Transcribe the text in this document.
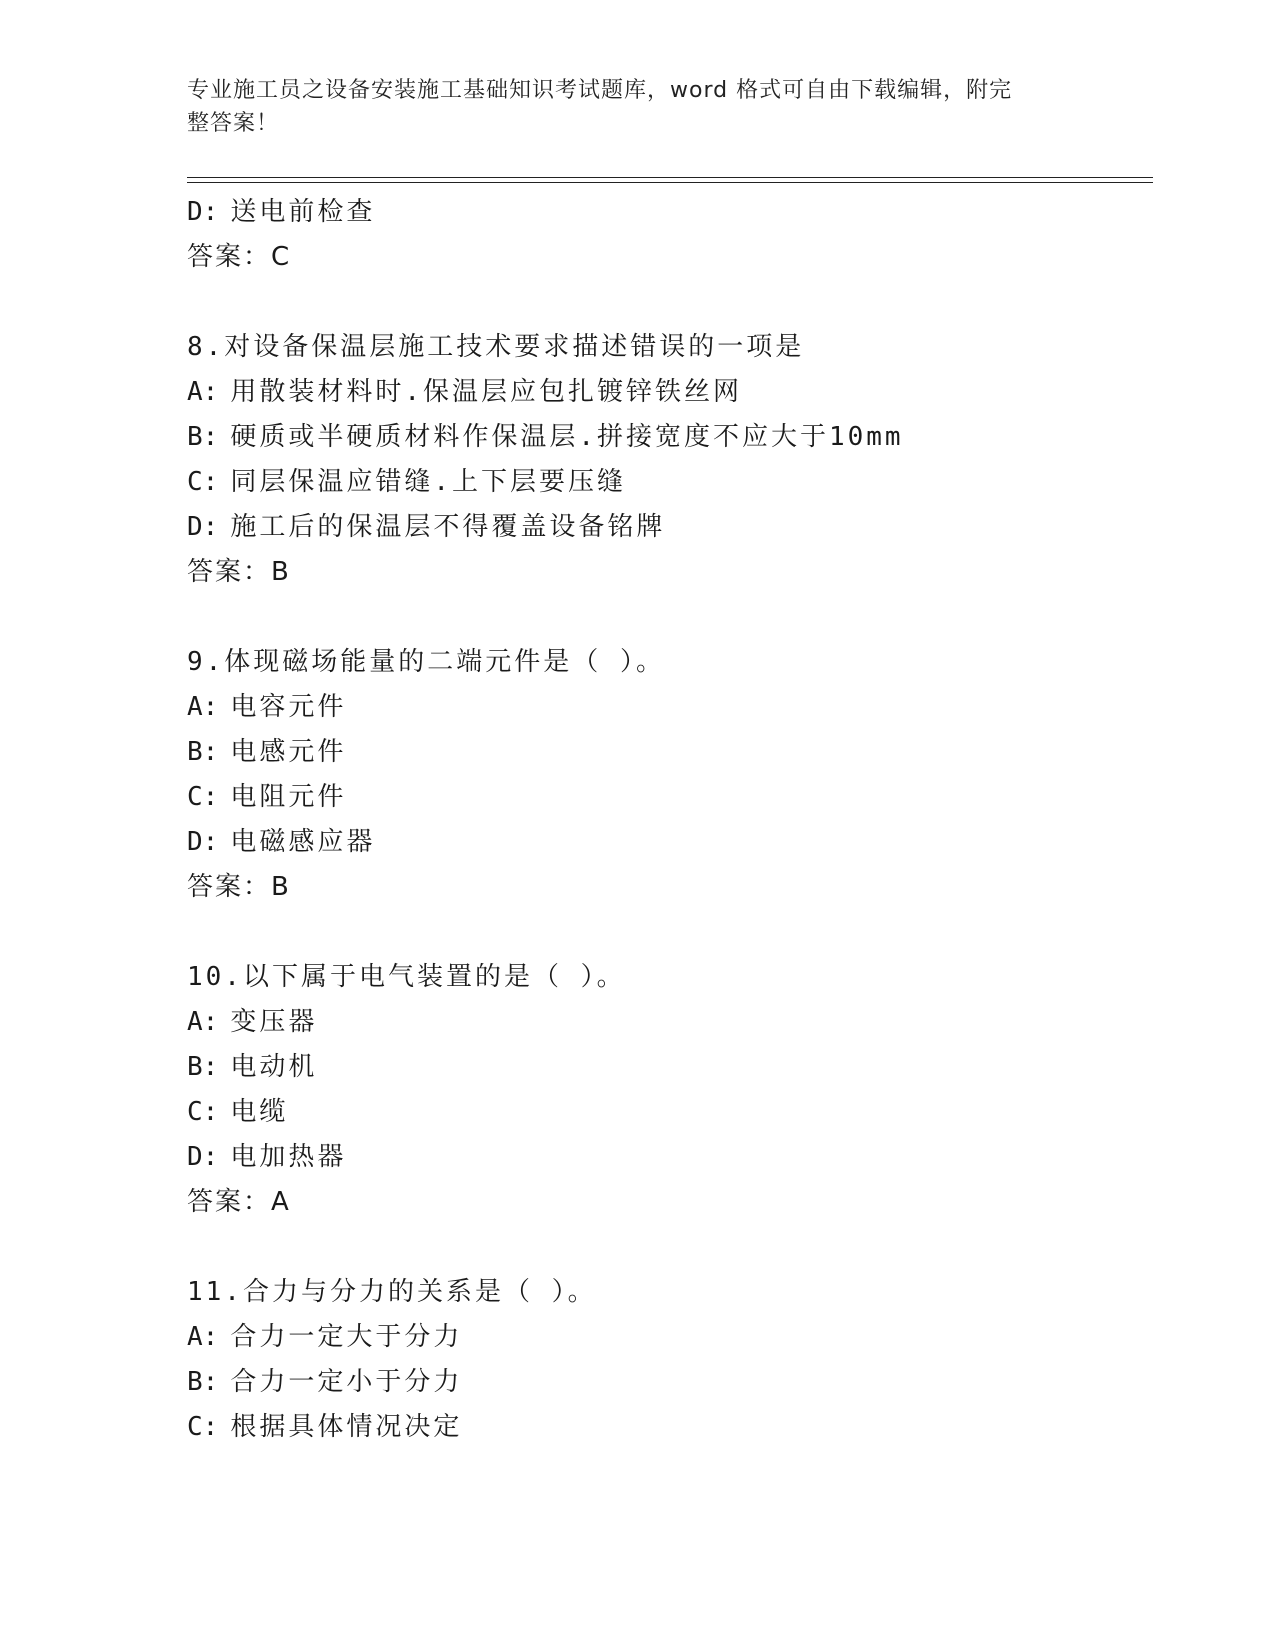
专业施工员之设备安装施工基础知识考试题库，word 格式可自由下载编辑，附完
整答案！
D: 送电前检查
答案：C
8.对设备保温层施工技术要求描述错误的一项是
A: 用散装材料时.保温层应包扎镀锌铁丝网
B: 硬质或半硬质材料作保温层.拼接宽度不应大于10mm
C: 同层保温应错缝.上下层要压缝
D: 施工后的保温层不得覆盖设备铭牌
答案：B
9.体现磁场能量的二端元件是（ ）。
A: 电容元件
B: 电感元件
C: 电阻元件
D: 电磁感应器
答案：B
10.以下属于电气装置的是（ ）。
A: 变压器
B: 电动机
C: 电缆
D: 电加热器
答案：A
11.合力与分力的关系是（ ）。
A: 合力一定大于分力
B: 合力一定小于分力
C: 根据具体情况决定
